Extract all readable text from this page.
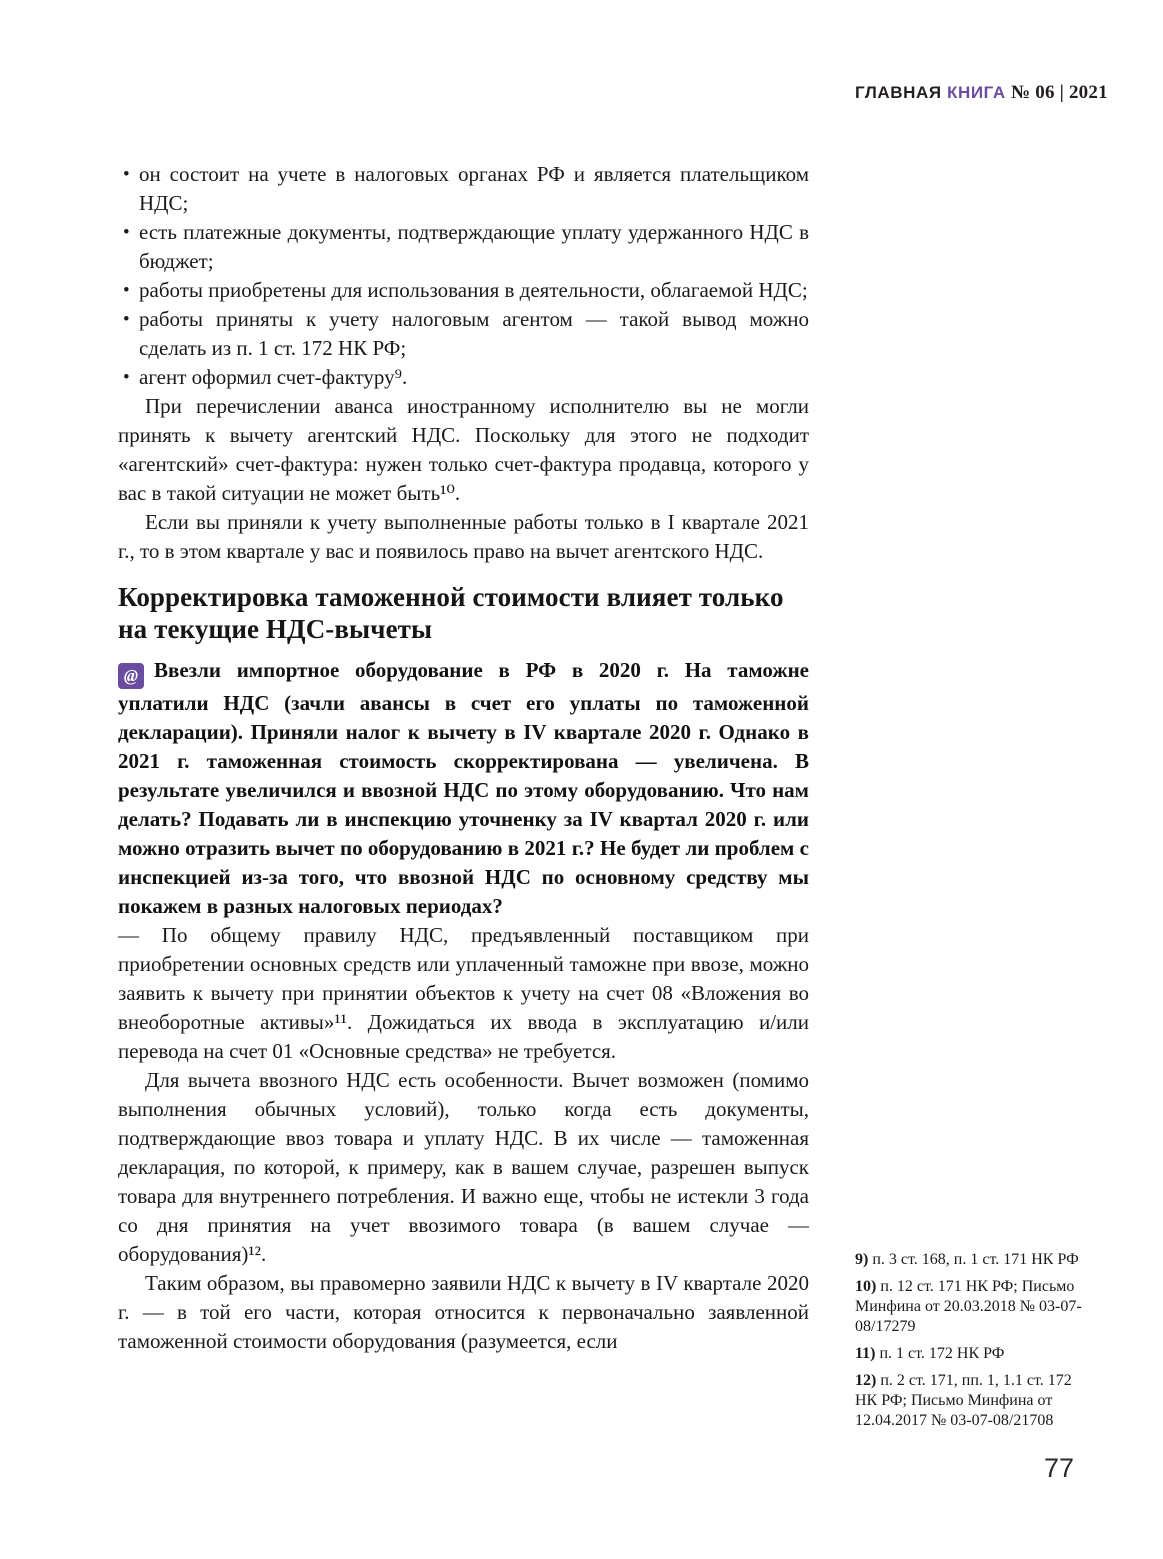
ГЛАВНАЯ КНИГА № 06 | 2021
• он состоит на учете в налоговых органах РФ и является плательщиком НДС;
• есть платежные документы, подтверждающие уплату удержанного НДС в бюджет;
• работы приобретены для использования в деятельности, облагаемой НДС;
• работы приняты к учету налоговым агентом — такой вывод можно сделать из п. 1 ст. 172 НК РФ;
• агент оформил счет-фактуру⁹.

При перечислении аванса иностранному исполнителю вы не могли принять к вычету агентский НДС. Поскольку для этого не подходит «агентский» счет-фактура: нужен только счет-фактура продавца, которого у вас в такой ситуации не может быть¹⁰.

Если вы приняли к учету выполненные работы только в I квартале 2021 г., то в этом квартале у вас и появилось право на вычет агентского НДС.

Корректировка таможенной стоимости влияет только на текущие НДС-вычеты
@ Ввезли импортное оборудование в РФ в 2020 г. На таможне уплатили НДС (зачли авансы в счет его уплаты по таможенной декларации). Приняли налог к вычету в IV квартале 2020 г. Однако в 2021 г. таможенная стоимость скорректирована — увеличена. В результате увеличился и ввозной НДС по этому оборудованию. Что нам делать? Подавать ли в инспекцию уточненку за IV квартал 2020 г. или можно отразить вычет по оборудованию в 2021 г.? Не будет ли проблем с инспекцией из-за того, что ввозной НДС по основному средству мы покажем в разных налоговых периодах?

— По общему правилу НДС, предъявленный поставщиком при приобретении основных средств или уплаченный таможне при ввозе, можно заявить к вычету при принятии объектов к учету на счет 08 «Вложения во внеоборотные активы»¹¹. Дожидаться их ввода в эксплуатацию и/или перевода на счет 01 «Основные средства» не требуется.

Для вычета ввозного НДС есть особенности. Вычет возможен (помимо выполнения обычных условий), только когда есть документы, подтверждающие ввоз товара и уплату НДС. В их числе — таможенная декларация, по которой, к примеру, как в вашем случае, разрешен выпуск товара для внутреннего потребления. И важно еще, чтобы не истекли 3 года со дня принятия на учет ввозимого товара (в вашем случае — оборудования)¹².

Таким образом, вы правомерно заявили НДС к вычету в IV квартале 2020 г. — в той его части, которая относится к первоначально заявленной таможенной стоимости оборудования (разумеется, если

9) п. 3 ст. 168, п. 1 ст. 171 НК РФ
10) п. 12 ст. 171 НК РФ; Письмо Минфина от 20.03.2018 № 03-07-08/17279
11) п. 1 ст. 172 НК РФ
12) п. 2 ст. 171, пп. 1, 1.1 ст. 172 НК РФ; Письмо Минфина от 12.04.2017 № 03-07-08/21708
77
